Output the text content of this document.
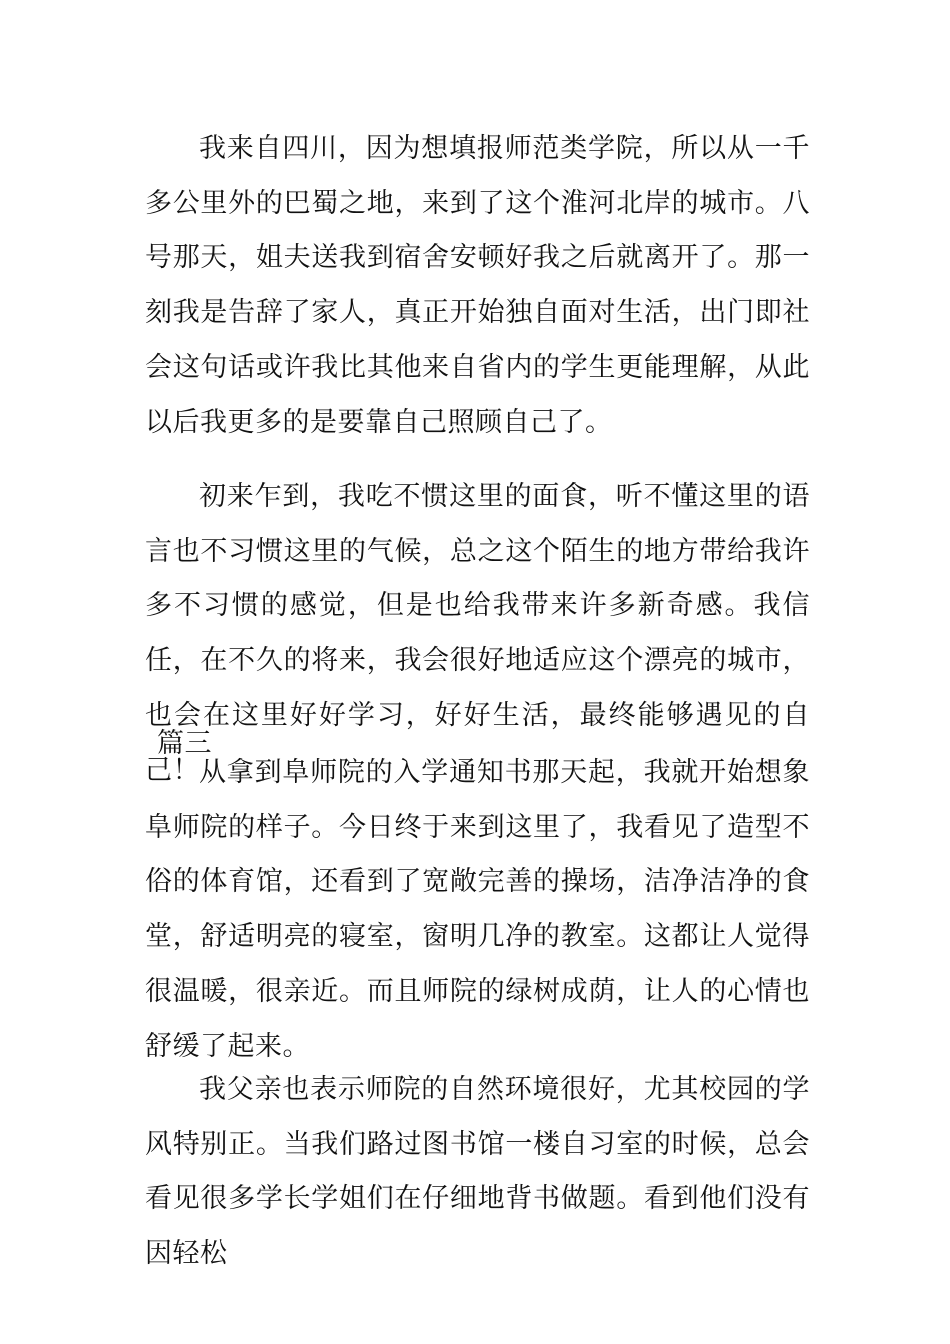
我来自四川，因为想填报师范类学院，所以从一千多公里外的巴蜀之地，来到了这个淮河北岸的城市。八号那天，姐夫送我到宿舍安顿好我之后就离开了。那一刻我是告辞了家人，真正开始独自面对生活，出门即社会这句话或许我比其他来自省内的学生更能理解，从此以后我更多的是要靠自己照顾自己了。

初来乍到，我吃不惯这里的面食，听不懂这里的语言也不习惯这里的气候，总之这个陌生的地方带给我许多不习惯的感觉，但是也给我带来许多新奇感。我信任，在不久的将来，我会很好地适应这个漂亮的城市，也会在这里好好学习，好好生活，最终能够遇见的自己！

篇三

从拿到阜师院的入学通知书那天起，我就开始想象阜师院的样子。今日终于来到这里了，我看见了造型不俗的体育馆，还看到了宽敞完善的操场，洁净洁净的食堂，舒适明亮的寝室，窗明几净的教室。这都让人觉得很温暖，很亲近。而且师院的绿树成荫，让人的心情也舒缓了起来。

我父亲也表示师院的自然环境很好，尤其校园的学风特别正。当我们路过图书馆一楼自习室的时候，总会看见很多学长学姐们在仔细地背书做题。看到他们没有因轻松
